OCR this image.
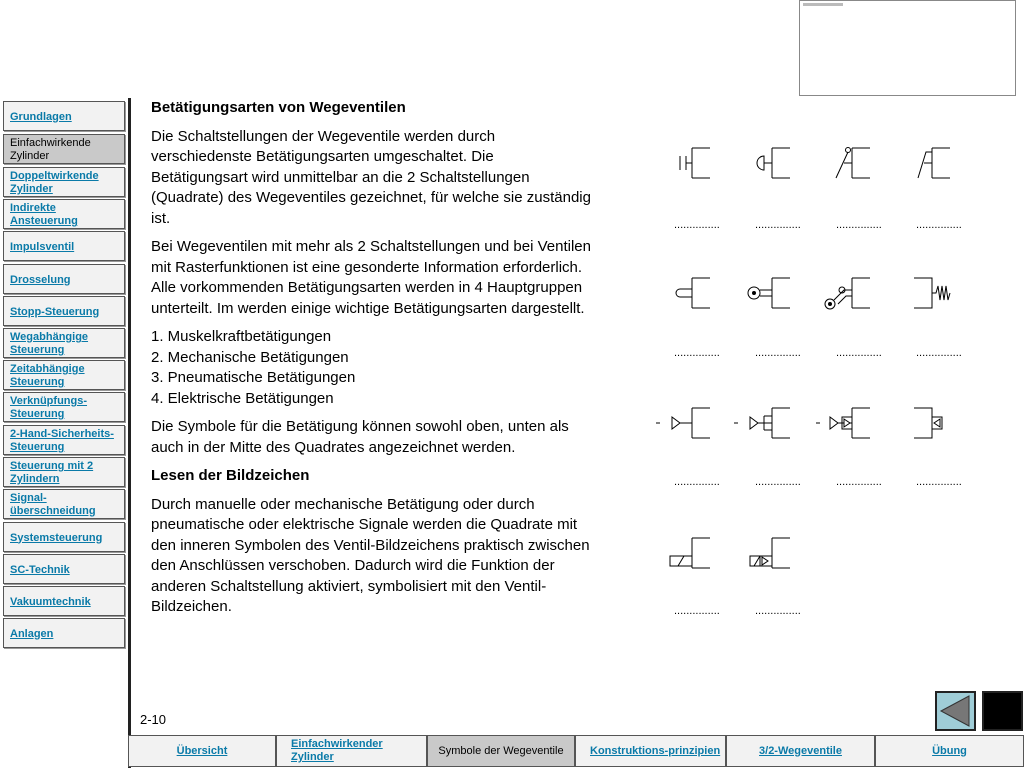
Grundlagen
Einfachwirkende Zylinder
Doppeltwirkende Zylinder
Indirekte Ansteuerung
Impulsventil
Drosselung
Stopp-Steuerung
Wegabhängige Steuerung
Zeitabhängige Steuerung
Verknüpfungs-Steuerung
2-Hand-Sicherheits-Steuerung
Steuerung mit 2 Zylindern
Signal-überschneidung
Systemsteuerung
SC-Technik
Vakuumtechnik
Anlagen
Betätigungsarten von Wegeventilen

Die Schaltstellungen der Wegeventile werden durch verschiedenste Betätigungsarten umgeschaltet. Die Betätigungsart wird unmittelbar an die 2 Schaltstellungen (Quadrate) des Wegeventiles gezeichnet, für welche sie zuständig ist.

Bei Wegeventilen mit mehr als 2 Schaltstellungen und bei Ventilen mit Rasterfunktionen ist eine gesonderte Information erforderlich. Alle vorkommenden Betätigungsarten werden in 4 Hauptgruppen unterteilt. Im werden einige wichtige Betätigungsarten dargestellt.

1. Muskelkraftbetätigungen
2. Mechanische Betätigungen
3. Pneumatische Betätigungen
4. Elektrische Betätigungen

Die Symbole für die Betätigung können sowohl oben, unten als auch in der Mitte des Quadrates angezeichnet werden.

Lesen der Bildzeichen

Durch manuelle oder mechanische Betätigung oder durch pneumatische oder elektrische Signale werden die Quadrate mit den inneren Symbolen des Ventil-Bildzeichens praktisch zwischen den Anschlüssen verschoben. Dadurch wird die Funktion der anderen Schaltstellung aktiviert, symbolisiert mit den Ventil-Bildzeichen.

...............	...............	...............	...............
...............	...............	...............	...............
...............	...............	...............	...............
...............	...............
2-10
Übersicht
Einfachwirkender Zylinder
Symbole der Wegeventile	Konstruktions-prinzipien	3/2-Wegeventile	Übung
